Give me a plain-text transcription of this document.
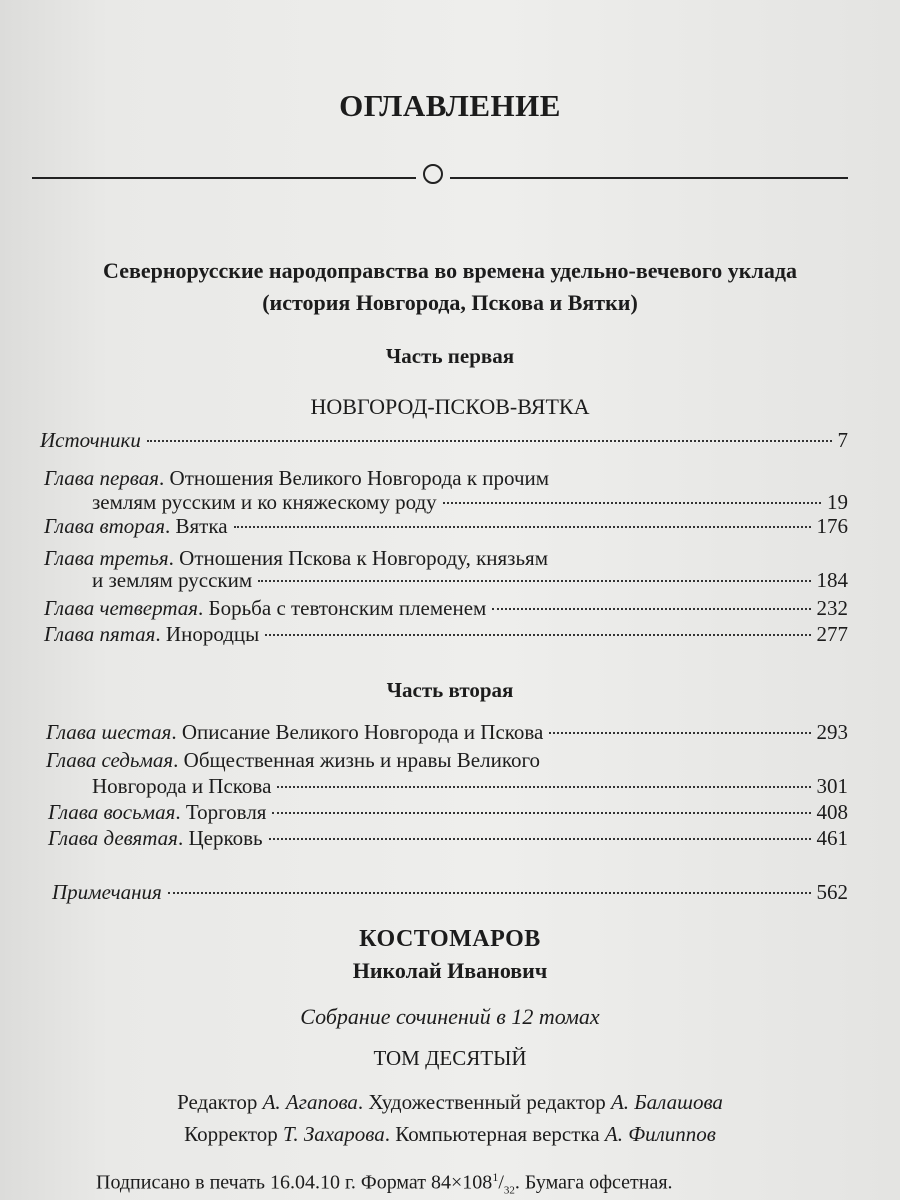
ОГЛАВЛЕНИЕ
Севернорусские народоправства во времена удельно-вечевого уклада
(история Новгорода, Пскова и Вятки)
Часть первая
НОВГОРОД-ПСКОВ-ВЯТКА
Источники	7
Глава первая. Отношения Великого Новгорода к прочим
землям русским и ко княжескому роду	19
Глава вторая. Вятка	176
Глава третья. Отношения Пскова к Новгороду, князьям
и землям русским	184
Глава четвертая. Борьба с тевтонским племенем	232
Глава пятая. Инородцы	277
Часть вторая
Глава шестая. Описание Великого Новгорода и Пскова	293
Глава седьмая. Общественная жизнь и нравы Великого
Новгорода и Пскова	301
Глава восьмая. Торговля	408
Глава девятая. Церковь	461
Примечания	562
КОСТОМАРОВ
Николай Иванович
Собрание сочинений в 12 томах
ТОМ ДЕСЯТЫЙ
Редактор А. Агапова. Художественный редактор А. Балашова
Корректор Т. Захарова. Компьютерная верстка А. Филиппов
Подписано в печать 16.04.10 г. Формат $84\times 108^1/_{32}$. Бумага офсетная.
